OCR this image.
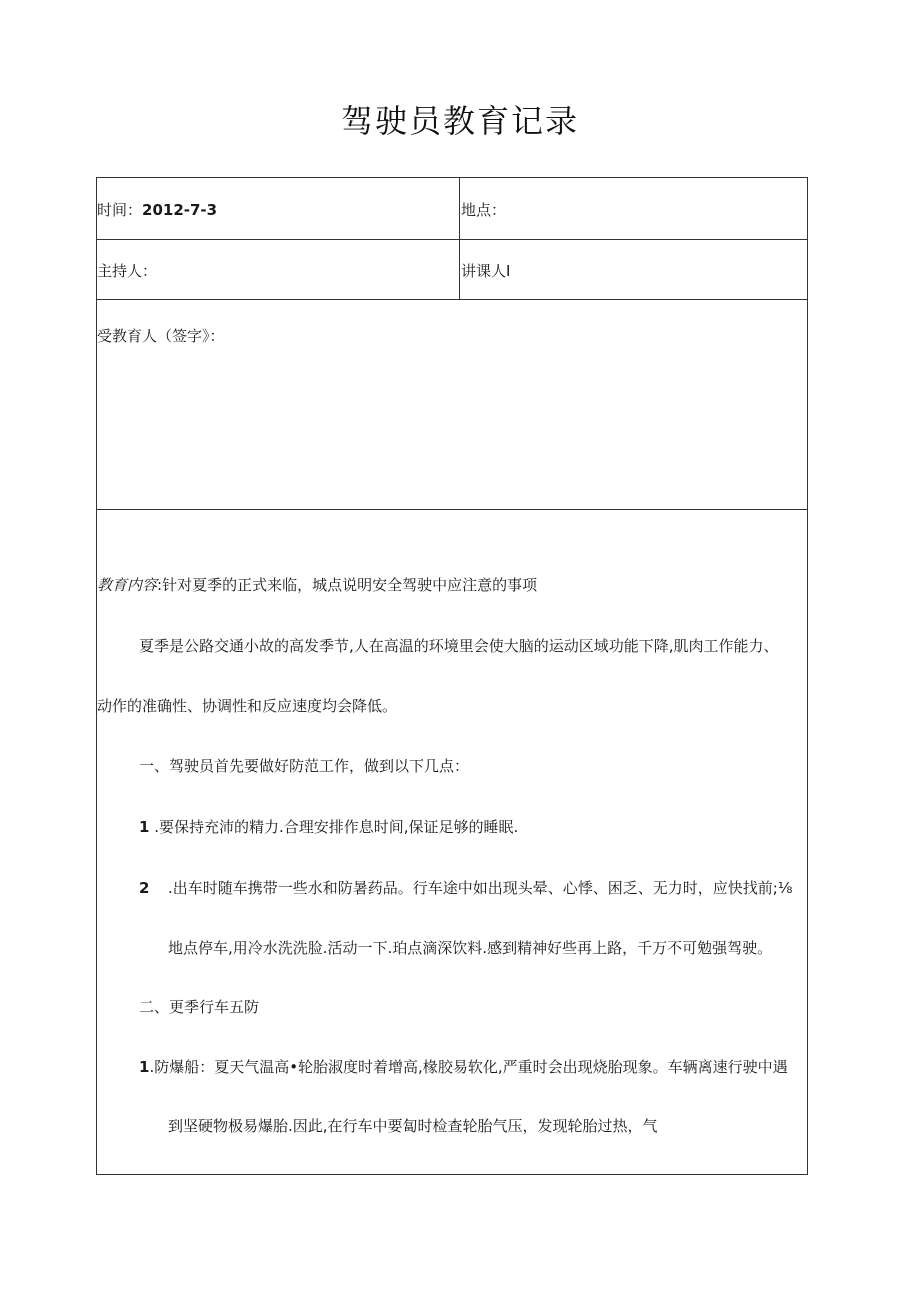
驾驶员教育记录
时间：2012-7-3	地点：
主持人：	讲课人I
受教育人（签字》：
教育内容:针对夏季的正式来临，城点说明安全驾驶中应注意的事项
夏季是公路交通小故的高发季节,人在高温的环境里会使大脑的运动区域功能下降,肌肉工作能力、
动作的准确性、协调性和反应速度均会降低。
一、驾驶员首先要做好防范工作，做到以下几点：
1 .要保持充沛的精力.合理安排作息时间,保证足够的睡眠.
2 .出车时随车携带一些水和防暑药品。行车途中如出现头晕、心悸、困乏、无力时，应快找前;⅛
地点停车,用冷水洗洗脸.活动一下.珀点滴深饮料.感到精神好些再上路，千万不可勉强驾驶。
二、更季行车五防
1.防爆船：夏天气温高•轮胎淑度时着增高,椽胶易软化,严重时会出现烧胎现象。车辆离速行驶中遇
到坚硬物极易爆胎.因此,在行车中要匐时检查轮胎气压，发现轮胎过热，气
